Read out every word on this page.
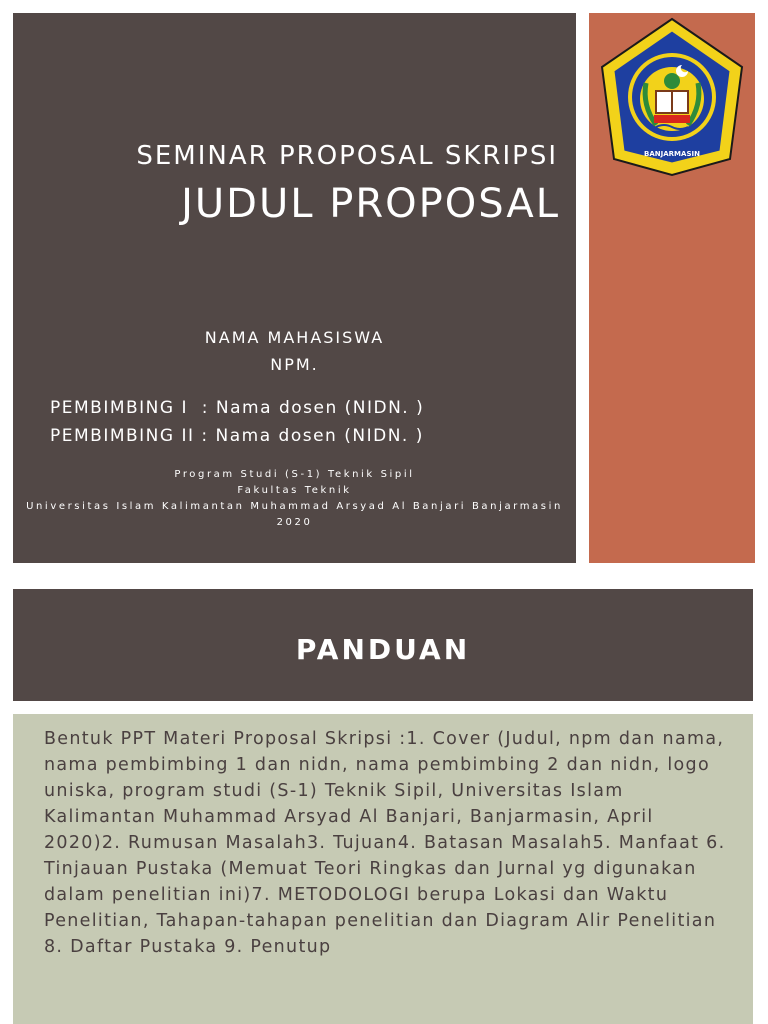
SEMINAR PROPOSAL SKRIPSI
JUDUL PROPOSAL
NAMA MAHASISWA
NPM.
PEMBIMBING I  : Nama dosen (NIDN. )
PEMBIMBING II : Nama dosen (NIDN. )
Program Studi (S-1) Teknik Sipil
Fakultas Teknik
Universitas Islam Kalimantan Muhammad Arsyad Al Banjari Banjarmasin
2020
BANJARMASIN
PANDUAN
Bentuk PPT Materi Proposal Skripsi :1. Cover (Judul, npm dan nama, nama pembimbing 1 dan nidn, nama pembimbing 2 dan nidn, logo uniska, program studi (S-1) Teknik Sipil, Universitas Islam Kalimantan Muhammad Arsyad Al Banjari, Banjarmasin, April 2020)2. Rumusan Masalah3. Tujuan4. Batasan Masalah5. Manfaat 6. Tinjauan Pustaka (Memuat Teori Ringkas dan Jurnal yg digunakan dalam penelitian ini)7. METODOLOGI berupa Lokasi dan Waktu Penelitian, Tahapan-tahapan penelitian dan Diagram Alir Penelitian 8. Daftar Pustaka 9. Penutup
